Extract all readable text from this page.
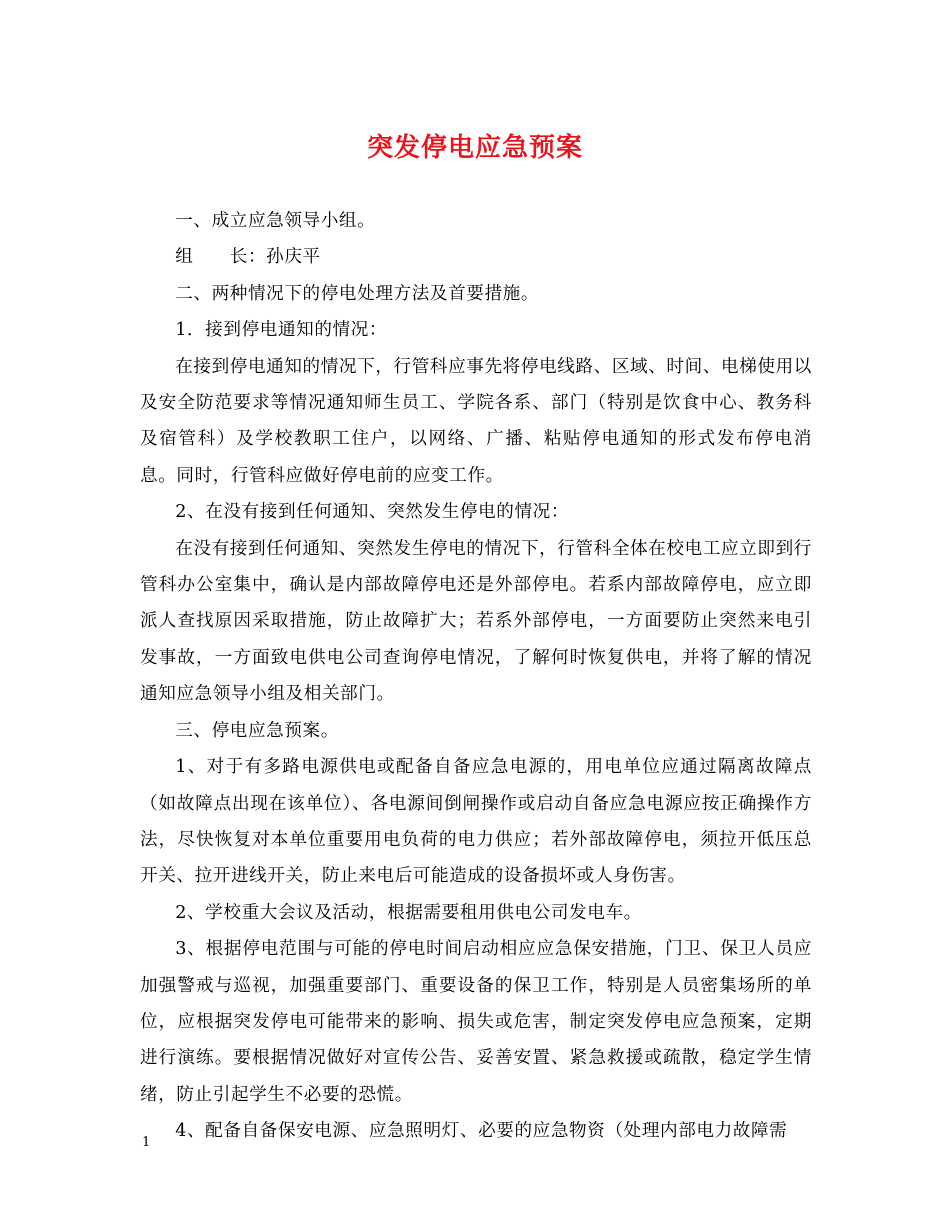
突发停电应急预案

一、成立应急领导小组。

组　　长：孙庆平

二、两种情况下的停电处理方法及首要措施。

1．接到停电通知的情况：

在接到停电通知的情况下，行管科应事先将停电线路、区域、时间、电梯使用以及安全防范要求等情况通知师生员工、学院各系、部门（特别是饮食中心、教务科及宿管科）及学校教职工住户，以网络、广播、粘贴停电通知的形式发布停电消息。同时，行管科应做好停电前的应变工作。

2、在没有接到任何通知、突然发生停电的情况：

在没有接到任何通知、突然发生停电的情况下，行管科全体在校电工应立即到行管科办公室集中，确认是内部故障停电还是外部停电。若系内部故障停电，应立即派人查找原因采取措施，防止故障扩大；若系外部停电，一方面要防止突然来电引发事故，一方面致电供电公司查询停电情况，了解何时恢复供电，并将了解的情况通知应急领导小组及相关部门。

三、停电应急预案。

1、对于有多路电源供电或配备自备应急电源的，用电单位应通过隔离故障点（如故障点出现在该单位）、各电源间倒闸操作或启动自备应急电源应按正确操作方法，尽快恢复对本单位重要用电负荷的电力供应；若外部故障停电，须拉开低压总开关、拉开进线开关，防止来电后可能造成的设备损坏或人身伤害。

2、学校重大会议及活动，根据需要租用供电公司发电车。

3、根据停电范围与可能的停电时间启动相应应急保安措施，门卫、保卫人员应加强警戒与巡视，加强重要部门、重要设备的保卫工作，特别是人员密集场所的单位，应根据突发停电可能带来的影响、损失或危害，制定突发停电应急预案，定期进行演练。要根据情况做好对宣传公告、妥善安置、紧急救援或疏散，稳定学生情绪，防止引起学生不必要的恐慌。

4、配备自备保安电源、应急照明灯、必要的应急物资（处理内部电力故障需

1
